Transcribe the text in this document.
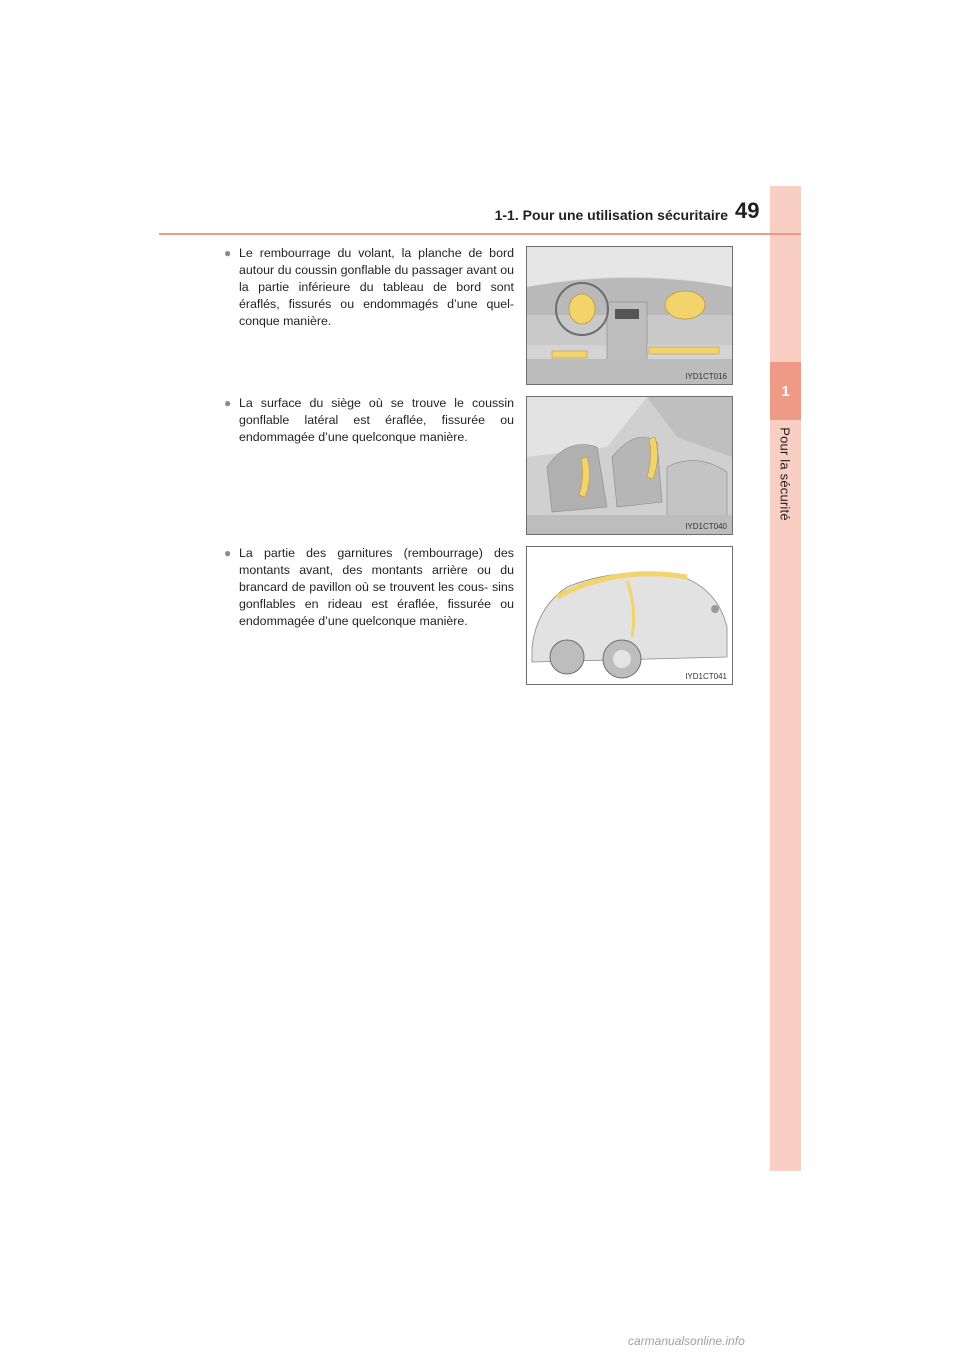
1
Pour la sécurité
1-1. Pour une utilisation sécuritaire 49
● Le rembourrage du volant, la planche de bord autour du coussin gonflable du passager avant ou la partie inférieure du tableau de bord sont éraflés, fissurés ou endommagés d’une quel- conque manière.
IYD1CT016
● La surface du siège où se trouve le coussin gonflable latéral est éraflée, fissurée ou endommagée d’une quelconque manière.
IYD1CT040
● La partie des garnitures (rembourrage) des montants avant, des montants arrière ou du brancard de pavillon où se trouvent les cous- sins gonflables en rideau est éraflée, fissurée ou endommagée d’une quelconque manière.
IYD1CT041
carmanualsonline.info
